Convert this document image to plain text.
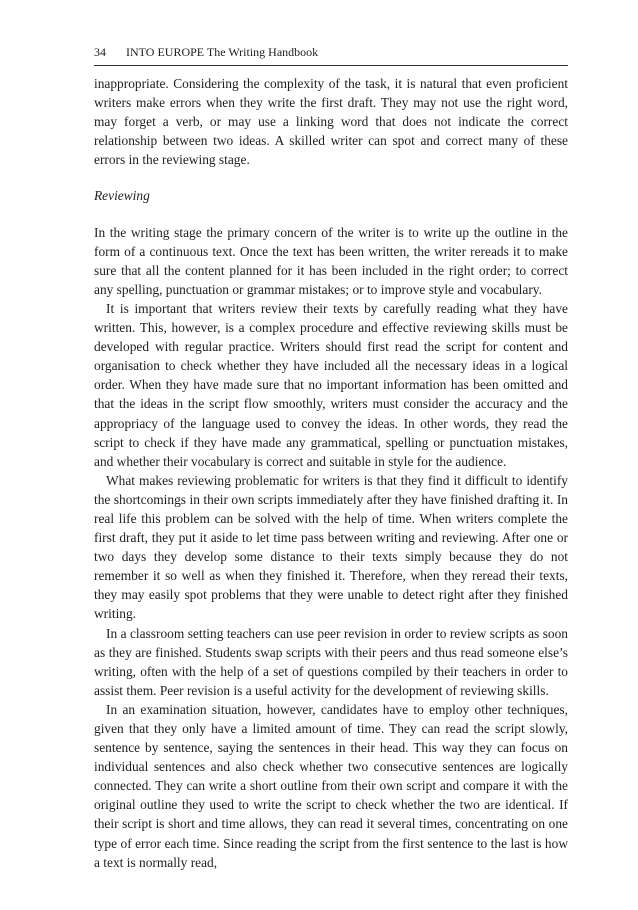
34 INTO EUROPE The Writing Handbook

inappropriate. Considering the complexity of the task, it is natural that even proficient writers make errors when they write the first draft. They may not use the right word, may forget a verb, or may use a linking word that does not indicate the correct relationship between two ideas. A skilled writer can spot and correct many of these errors in the reviewing stage.

Reviewing

In the writing stage the primary concern of the writer is to write up the outline in the form of a continuous text. Once the text has been written, the writer rereads it to make sure that all the content planned for it has been included in the right order; to correct any spelling, punctuation or grammar mistakes; or to improve style and vocabulary.

It is important that writers review their texts by carefully reading what they have written. This, however, is a complex procedure and effective reviewing skills must be developed with regular practice. Writers should first read the script for content and organisation to check whether they have included all the necessary ideas in a logical order. When they have made sure that no important information has been omitted and that the ideas in the script flow smoothly, writers must consider the accuracy and the appropriacy of the language used to convey the ideas. In other words, they read the script to check if they have made any grammatical, spelling or punctuation mistakes, and whether their vocabulary is correct and suitable in style for the audience.

What makes reviewing problematic for writers is that they find it difficult to identify the shortcomings in their own scripts immediately after they have finished drafting it. In real life this problem can be solved with the help of time. When writers complete the first draft, they put it aside to let time pass between writing and reviewing. After one or two days they develop some distance to their texts simply because they do not remember it so well as when they finished it. Therefore, when they reread their texts, they may easily spot problems that they were unable to detect right after they finished writing.

In a classroom setting teachers can use peer revision in order to review scripts as soon as they are finished. Students swap scripts with their peers and thus read someone else’s writing, often with the help of a set of questions compiled by their teachers in order to assist them. Peer revision is a useful activity for the development of reviewing skills.

In an examination situation, however, candidates have to employ other techniques, given that they only have a limited amount of time. They can read the script slowly, sentence by sentence, saying the sentences in their head. This way they can focus on individual sentences and also check whether two consecutive sentences are logically connected. They can write a short outline from their own script and compare it with the original outline they used to write the script to check whether the two are identical. If their script is short and time allows, they can read it several times, concentrating on one type of error each time. Since reading the script from the first sentence to the last is how a text is normally read,
